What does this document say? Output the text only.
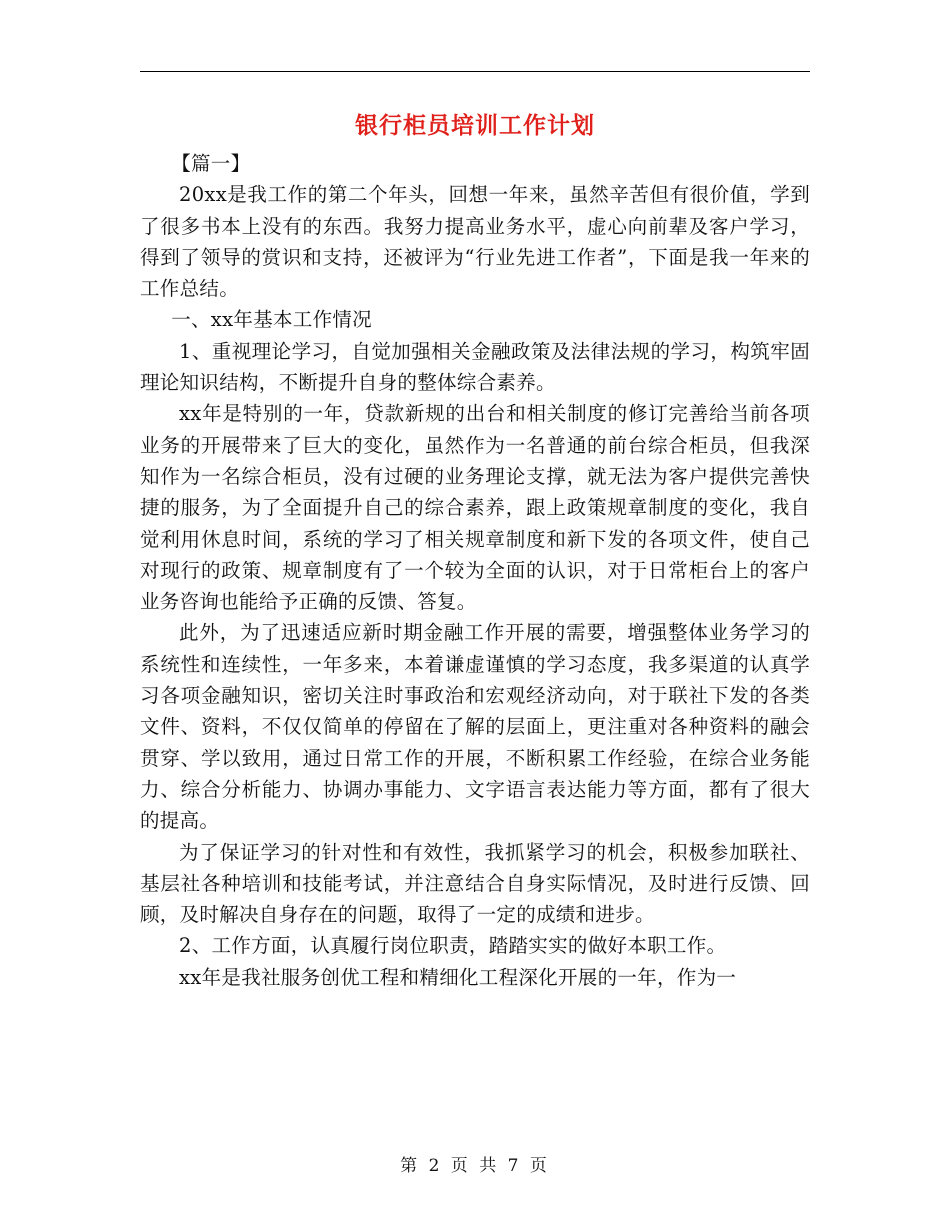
银行柜员培训工作计划

【篇一】

20xx是我工作的第二个年头，回想一年来，虽然辛苦但有很价值，学到了很多书本上没有的东西。我努力提高业务水平，虚心向前辈及客户学习，得到了领导的赏识和支持，还被评为“行业先进工作者”，下面是我一年来的工作总结。

一、xx年基本工作情况

1、重视理论学习，自觉加强相关金融政策及法律法规的学习，构筑牢固理论知识结构，不断提升自身的整体综合素养。

xx年是特别的一年，贷款新规的出台和相关制度的修订完善给当前各项业务的开展带来了巨大的变化，虽然作为一名普通的前台综合柜员，但我深知作为一名综合柜员，没有过硬的业务理论支撑，就无法为客户提供完善快捷的服务，为了全面提升自己的综合素养，跟上政策规章制度的变化，我自觉利用休息时间，系统的学习了相关规章制度和新下发的各项文件，使自己对现行的政策、规章制度有了一个较为全面的认识，对于日常柜台上的客户业务咨询也能给予正确的反馈、答复。

此外，为了迅速适应新时期金融工作开展的需要，增强整体业务学习的系统性和连续性，一年多来，本着谦虚谨慎的学习态度，我多渠道的认真学习各项金融知识，密切关注时事政治和宏观经济动向，对于联社下发的各类文件、资料，不仅仅简单的停留在了解的层面上，更注重对各种资料的融会贯穿、学以致用，通过日常工作的开展，不断积累工作经验，在综合业务能力、综合分析能力、协调办事能力、文字语言表达能力等方面，都有了很大的提高。

为了保证学习的针对性和有效性，我抓紧学习的机会，积极参加联社、基层社各种培训和技能考试，并注意结合自身实际情况，及时进行反馈、回顾，及时解决自身存在的问题，取得了一定的成绩和进步。

2、工作方面，认真履行岗位职责，踏踏实实的做好本职工作。

xx年是我社服务创优工程和精细化工程深化开展的一年，作为一

第 2 页 共 7 页
